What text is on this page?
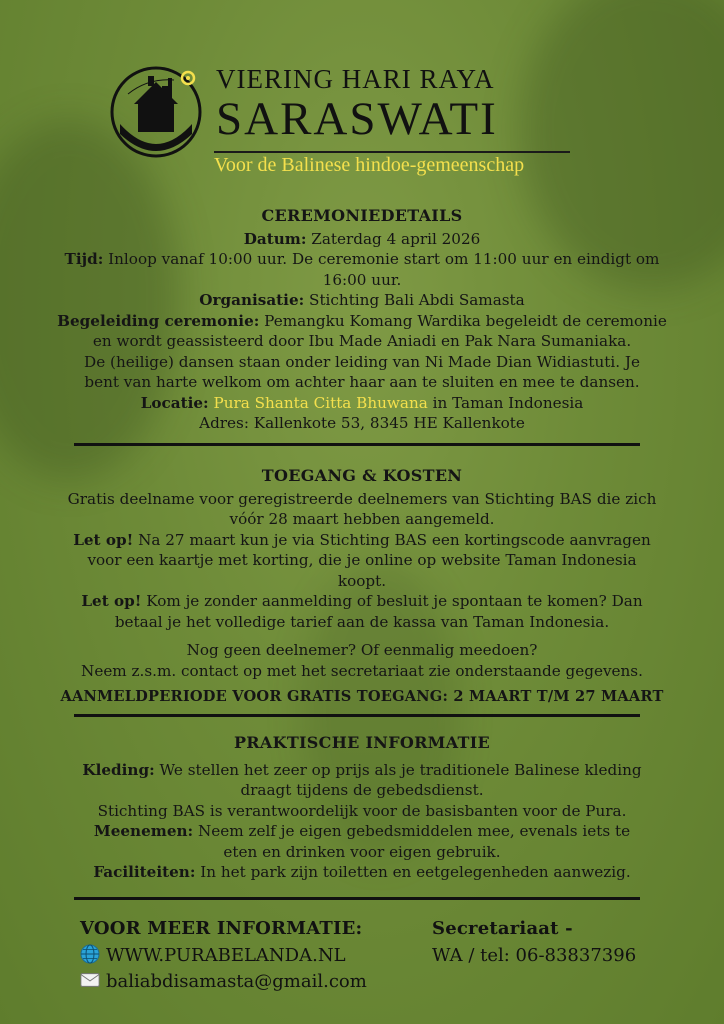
VIERING HARI RAYA
SARASWATI
Voor de Balinese hindoe-gemeenschap
CEREMONIEDETAILS

Datum: Zaterdag 4 april 2026

Tijd: Inloop vanaf 10:00 uur. De ceremonie start om 11:00 uur en eindigt om

16:00 uur.

Organisatie: Stichting Bali Abdi Samasta

Begeleiding ceremonie: Pemangku Komang Wardika begeleidt de ceremonie

en wordt geassisteerd door Ibu Made Aniadi en Pak Nara Sumaniaka.

De (heilige) dansen staan onder leiding van Ni Made Dian Widiastuti. Je

bent van harte welkom om achter haar aan te sluiten en mee te dansen.

Locatie: Pura Shanta Citta Bhuwana in Taman Indonesia

Adres: Kallenkote 53, 8345 HE Kallenkote

TOEGANG & KOSTEN

Gratis deelname voor geregistreerde deelnemers van Stichting BAS die zich

vóór 28 maart hebben aangemeld.

Let op! Na 27 maart kun je via Stichting BAS een kortingscode aanvragen

voor een kaartje met korting, die je online op website Taman Indonesia

koopt.

Let op! Kom je zonder aanmelding of besluit je spontaan te komen? Dan

betaal je het volledige tarief aan de kassa van Taman Indonesia.

Nog geen deelnemer? Of eenmalig meedoen?

Neem z.s.m. contact op met het secretariaat zie onderstaande gegevens.

AANMELDPERIODE VOOR GRATIS TOEGANG: 2 MAART T/M 27 MAART

PRAKTISCHE INFORMATIE

Kleding: We stellen het zeer op prijs als je traditionele Balinese kleding

draagt tijdens de gebedsdienst.

Stichting BAS is verantwoordelijk voor de basisbanten voor de Pura.

Meenemen: Neem zelf je eigen gebedsmiddelen mee, evenals iets te

eten en drinken voor eigen gebruik.

Faciliteiten: In het park zijn toiletten en eetgelegenheden aanwezig.

VOOR MEER INFORMATIE:
WWW.PURABELANDA.NL
baliabdisamasta@gmail.com
Secretariaat -
WA / tel: 06-83837396
